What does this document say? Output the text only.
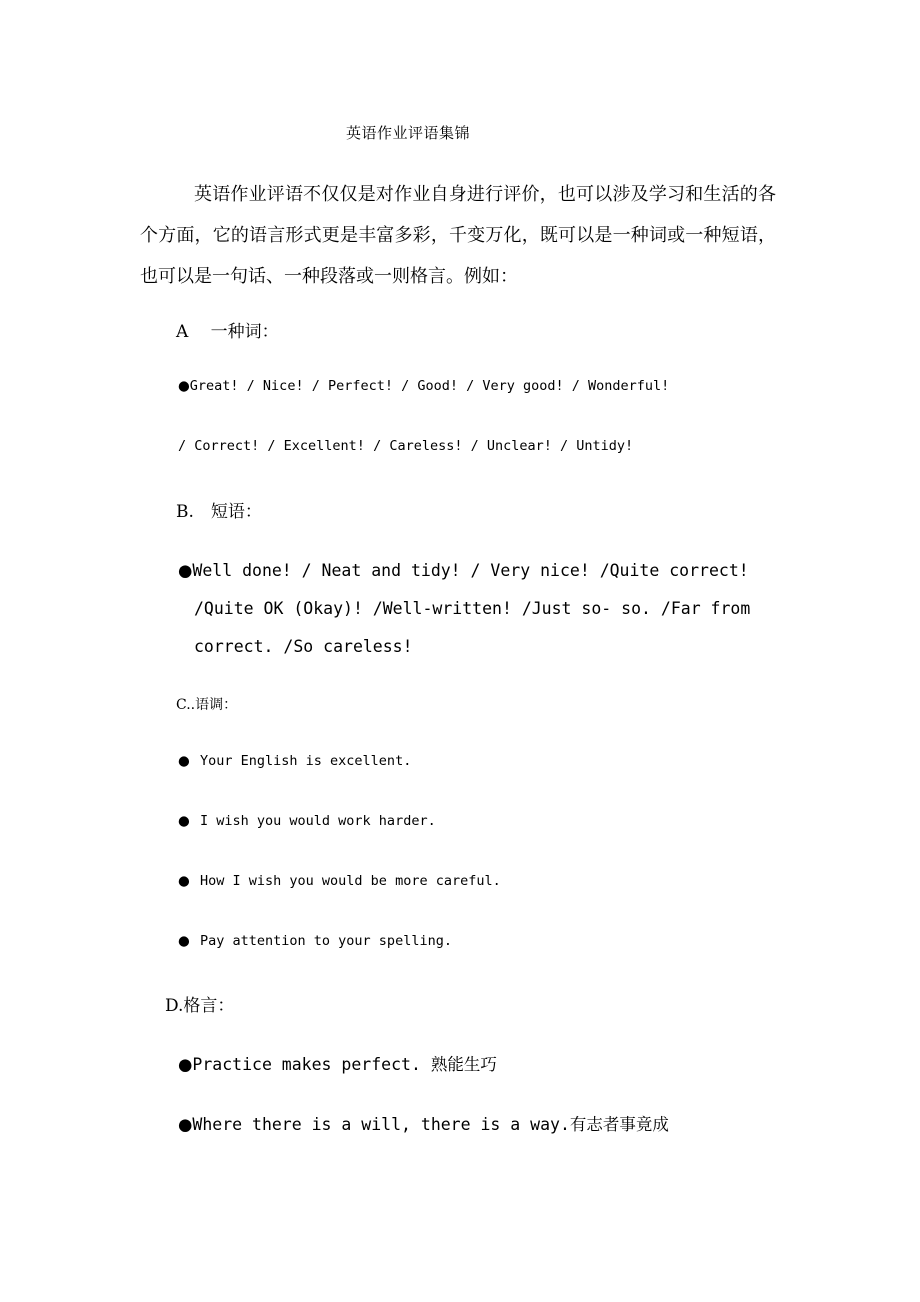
英语作业评语集锦
英语作业评语不仅仅是对作业自身进行评价，也可以涉及学习和生活的各个方面，它的语言形式更是丰富多彩，千变万化，既可以是一种词或一种短语，也可以是一句话、一种段落或一则格言。例如：
A　 一种词：
●Great! / Nice! / Perfect! / Good! / Very good! / Wonderful!
/ Correct! / Excellent! / Careless! / Unclear! / Untidy!
B.　短语：
●Well done! / Neat and tidy! / Very nice! /Quite correct! /Quite OK (Okay)! /Well-written! /Just so- so. /Far from correct. /So careless!
C..语调：
● Your English is excellent.
● I wish you would work harder.
● How I wish you would be more careful.
● Pay attention to your spelling.
D.格言：
●Practice makes perfect. 熟能生巧
●Where there is a will, there is a way.有志者事竟成
